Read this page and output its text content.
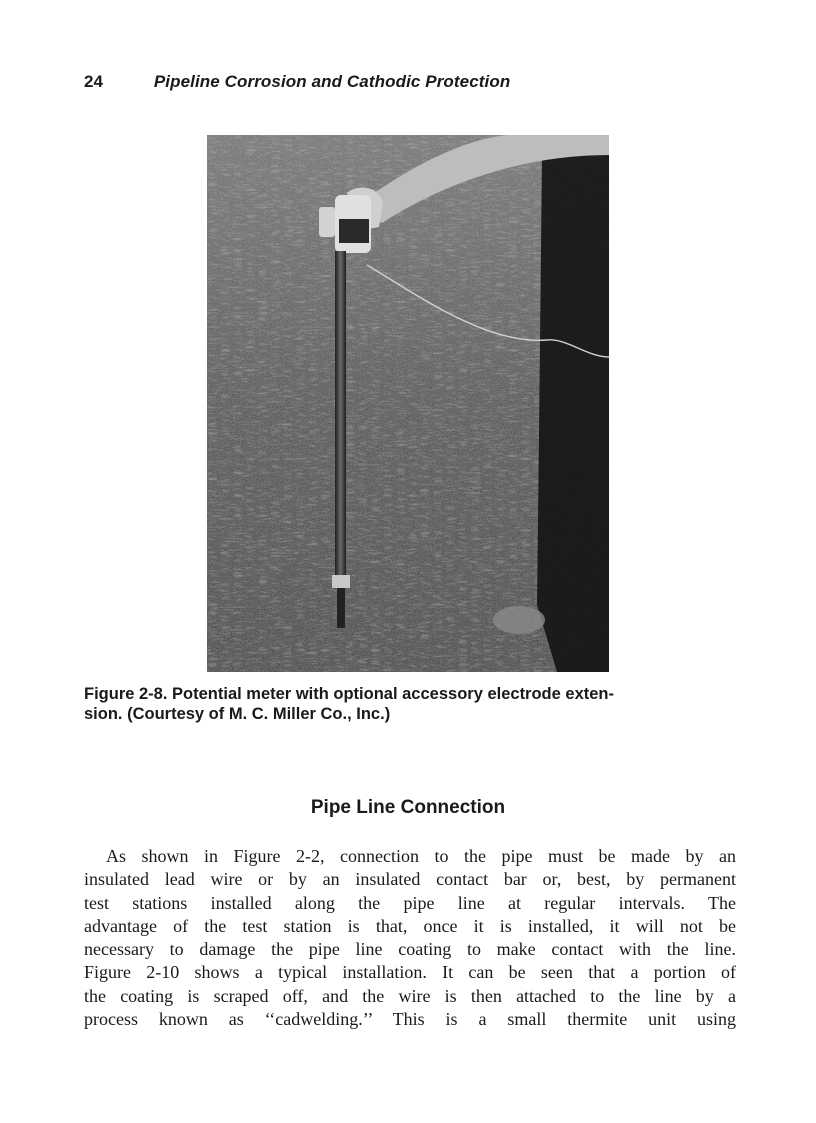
24	Pipeline Corrosion and Cathodic Protection
Figure 2-8. Potential meter with optional accessory electrode exten-
sion. (Courtesy of M. C. Miller Co., Inc.)
Pipe Line Connection
As shown in Figure 2-2, connection to the pipe must be made by an
insulated lead wire or by an insulated contact bar or, best, by permanent
test stations installed along the pipe line at regular intervals. The
advantage of the test station is that, once it is installed, it will not be
necessary to damage the pipe line coating to make contact with the line.
Figure 2-10 shows a typical installation. It can be seen that a portion of
the coating is scraped off, and the wire is then attached to the line by a
process known as ‘‘cadwelding.’’ This is a small thermite unit using
